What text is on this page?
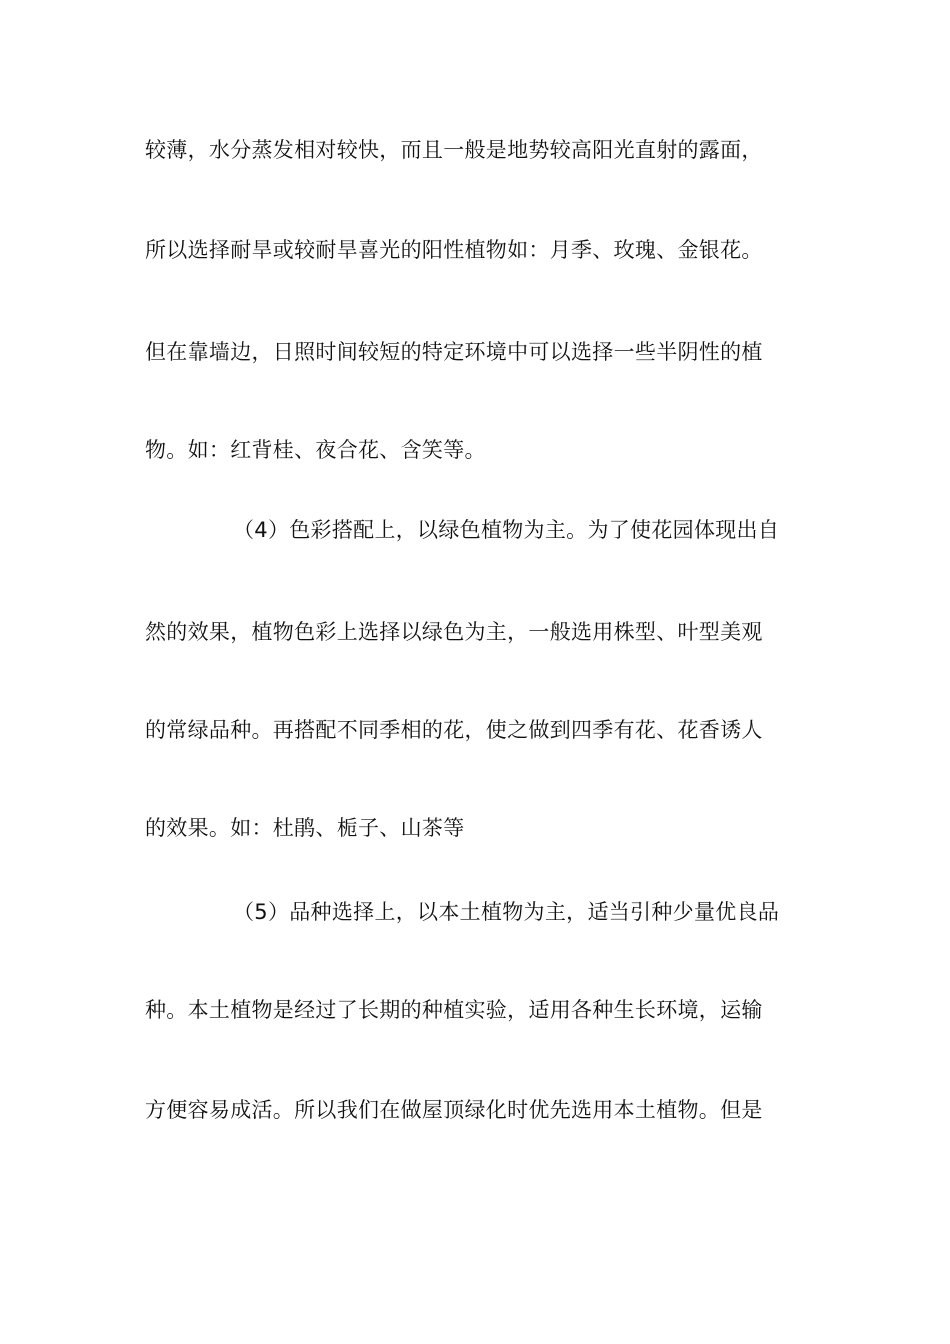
较薄，水分蒸发相对较快，而且一般是地势较高阳光直射的露面，
所以选择耐旱或较耐旱喜光的阳性植物如：月季、玫瑰、金银花。
但在靠墙边，日照时间较短的特定环境中可以选择一些半阴性的植
物。如：红背桂、夜合花、含笑等。
（4）色彩搭配上，以绿色植物为主。为了使花园体现出自
然的效果，植物色彩上选择以绿色为主，一般选用株型、叶型美观
的常绿品种。再搭配不同季相的花，使之做到四季有花、花香诱人
的效果。如：杜鹃、栀子、山茶等
（5）品种选择上，以本土植物为主，适当引种少量优良品
种。本土植物是经过了长期的种植实验，适用各种生长环境，运输
方便容易成活。所以我们在做屋顶绿化时优先选用本土植物。但是
